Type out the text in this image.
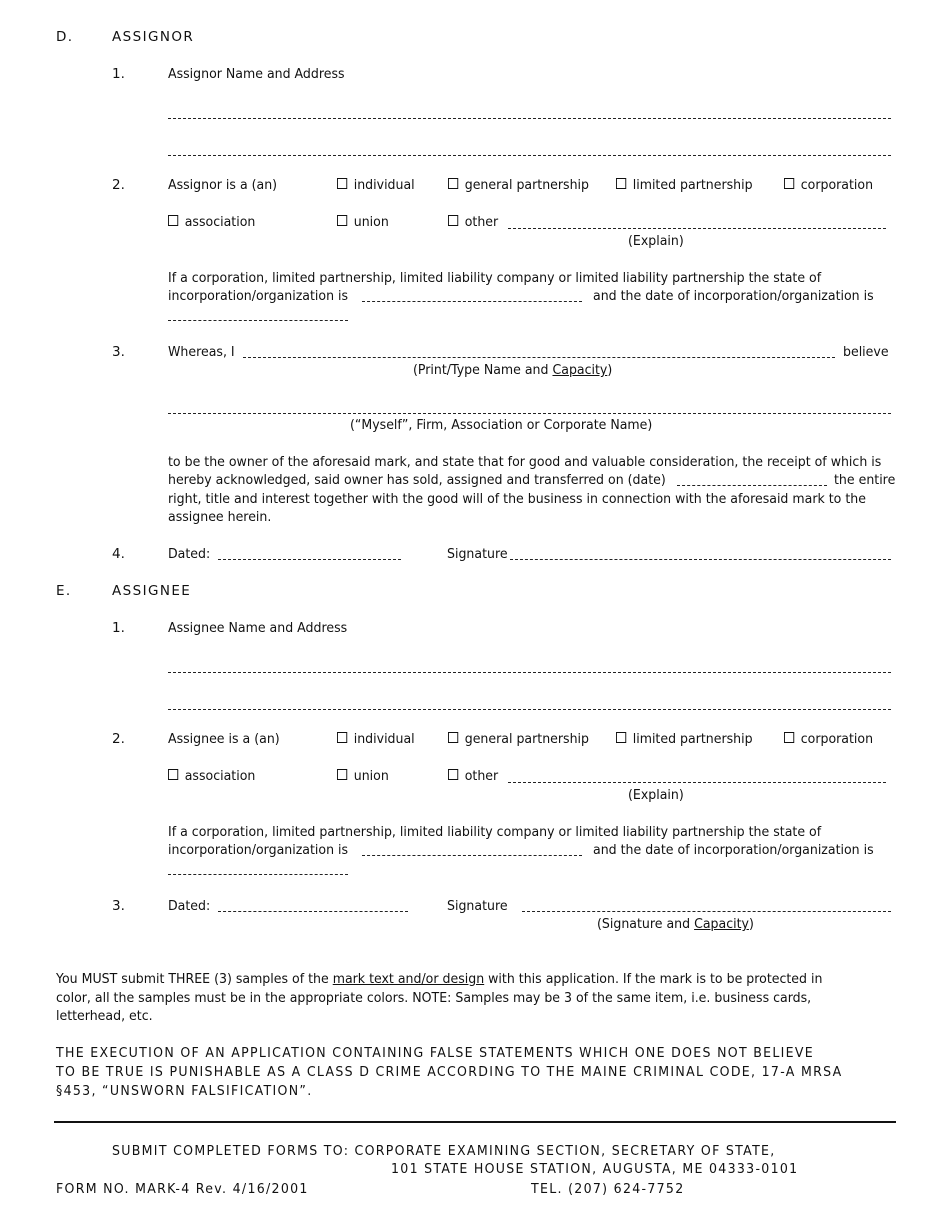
D.	ASSIGNOR
1.	Assignor Name and Address
2.	Assignor is a (an)	individual	general partnership	limited partnership	corporation
association	union	other
(Explain)
If a corporation, limited partnership, limited liability company or limited liability partnership the state of
incorporation/organization is	and the date of incorporation/organization is
3.	Whereas, I	believe
(Print/Type Name and Capacity)
(“Myself”, Firm, Association or Corporate Name)
to be the owner of the aforesaid mark, and state that for good and valuable consideration, the receipt of which is
hereby acknowledged, said owner has sold, assigned and transferred on (date)	the entire
right, title and interest together with the good will of the business in connection with the aforesaid mark to the
assignee herein.
4.	Dated:	Signature
E.	ASSIGNEE
1.	Assignee Name and Address
2.	Assignee is a (an)	individual	general partnership	limited partnership	corporation
association	union	other
(Explain)
If a corporation, limited partnership, limited liability company or limited liability partnership the state of
incorporation/organization is	and the date of incorporation/organization is
3.	Dated:	Signature
(Signature and Capacity)
You MUST submit THREE (3) samples of the mark text and/or design with this application. If the mark is to be protected in
color, all the samples must be in the appropriate colors. NOTE: Samples may be 3 of the same item, i.e. business cards,
letterhead, etc.
THE EXECUTION OF AN APPLICATION CONTAINING FALSE STATEMENTS WHICH ONE DOES NOT BELIEVE
TO BE TRUE IS PUNISHABLE AS A CLASS D CRIME ACCORDING TO THE MAINE CRIMINAL CODE, 17-A MRSA
§453, “UNSWORN FALSIFICATION”.
SUBMIT COMPLETED FORMS TO: CORPORATE EXAMINING SECTION, SECRETARY OF STATE,
101 STATE HOUSE STATION, AUGUSTA, ME 04333-0101
FORM NO. MARK-4 Rev. 4/16/2001	TEL. (207) 624-7752
